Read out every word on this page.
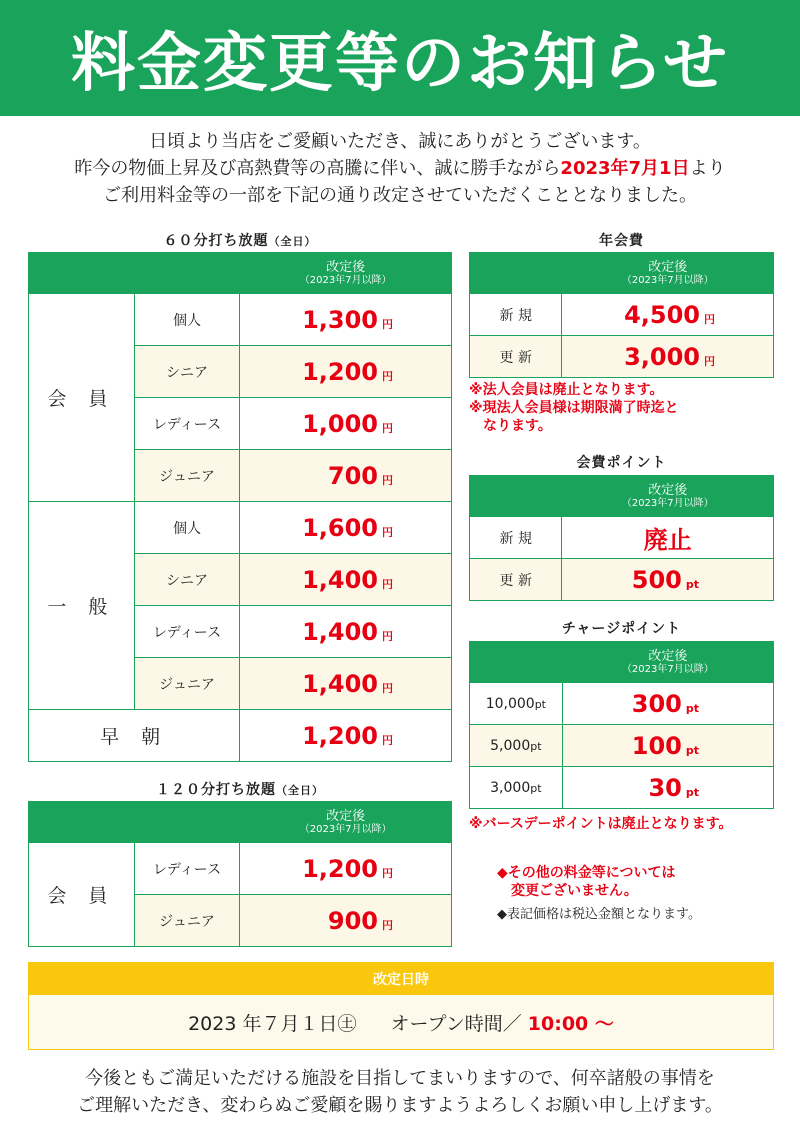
料金変更等のお知らせ
日頃より当店をご愛顧いただき、誠にありがとうございます。
昨今の物価上昇及び高熱費等の高騰に伴い、誠に勝手ながら2023年7月1日より
ご利用料金等の一部を下記の通り改定させていただくこととなりました。
６０分打ち放題（全日）

		改定後
（2023年7月以降）

会 員	個人	1,300 円
	シニア	1,200 円
	レディース	1,000 円
	ジュニア	700 円
一 般	個人	1,600 円
	シニア	1,400 円
	レディース	1,400 円
	ジュニア	1,400 円
早 朝		1,200 円
１２０分打ち放題（全日）
年会費
会費ポイント
チャージポイント
※法人会員は廃止となります。
※現法人会員様は期限満了時迄と
　なります。
※バースデーポイントは廃止となります。
◆その他の料金等については
変更ございません。
◆表記価格は税込金額となります。
改定日時
2023 年７月１日㊏ オープン時間／ 10:00 ～
今後ともご満足いただける施設を目指してまいりますので、何卒諸般の事情を
ご理解いただき、変わらぬご愛顧を賜りますようよろしくお願い申し上げます。

		改定後
（2023年7月以降）

会 員	レディース	1,200 円
	ジュニア	900 円

	改定後
（2023年7月以降）

新 規	4,500 円
更 新	3,000 円

	改定後
（2023年7月以降）

新 規	廃止
更 新	500 pt

	改定後
（2023年7月以降）

10,000pt	300 pt
5,000pt	100 pt
3,000pt	30 pt
